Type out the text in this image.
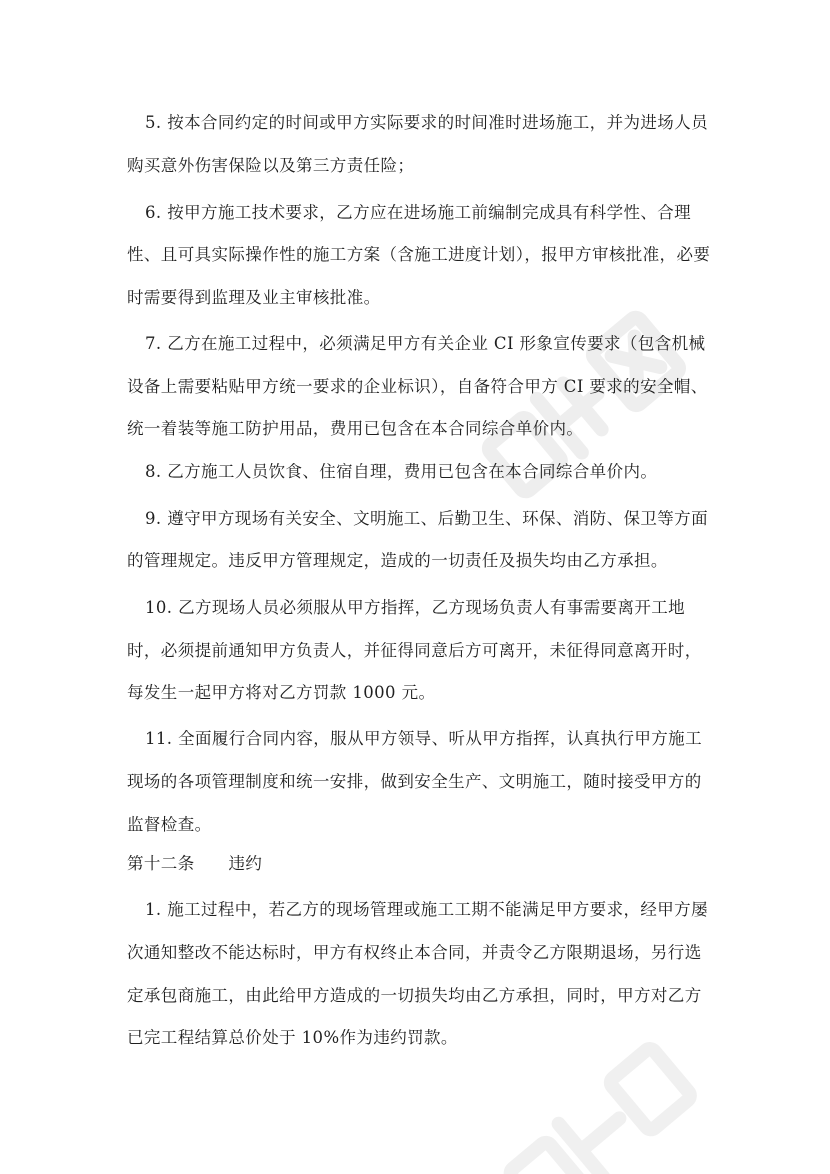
5. 按本合同约定的时间或甲方实际要求的时间准时进场施工，并为进场人员
购买意外伤害保险以及第三方责任险；
6. 按甲方施工技术要求，乙方应在进场施工前编制完成具有科学性、合理
性、且可具实际操作性的施工方案（含施工进度计划），报甲方审核批准，必要
时需要得到监理及业主审核批准。
7. 乙方在施工过程中，必须满足甲方有关企业 CI 形象宣传要求（包含机械
设备上需要粘贴甲方统一要求的企业标识），自备符合甲方 CI 要求的安全帽、
统一着装等施工防护用品，费用已包含在本合同综合单价内。
8. 乙方施工人员饮食、住宿自理，费用已包含在本合同综合单价内。
9. 遵守甲方现场有关安全、文明施工、后勤卫生、环保、消防、保卫等方面
的管理规定。违反甲方管理规定，造成的一切责任及损失均由乙方承担。
10. 乙方现场人员必须服从甲方指挥，乙方现场负责人有事需要离开工地
时，必须提前通知甲方负责人，并征得同意后方可离开，未征得同意离开时，
每发生一起甲方将对乙方罚款 1000 元。
11. 全面履行合同内容，服从甲方领导、听从甲方指挥，认真执行甲方施工
现场的各项管理制度和统一安排，做到安全生产、文明施工，随时接受甲方的
监督检查。
第十二条      违约
1. 施工过程中，若乙方的现场管理或施工工期不能满足甲方要求，经甲方屡
次通知整改不能达标时，甲方有权终止本合同，并责令乙方限期退场，另行选
定承包商施工，由此给甲方造成的一切损失均由乙方承担，同时，甲方对乙方
已完工程结算总价处于 10%作为违约罚款。
